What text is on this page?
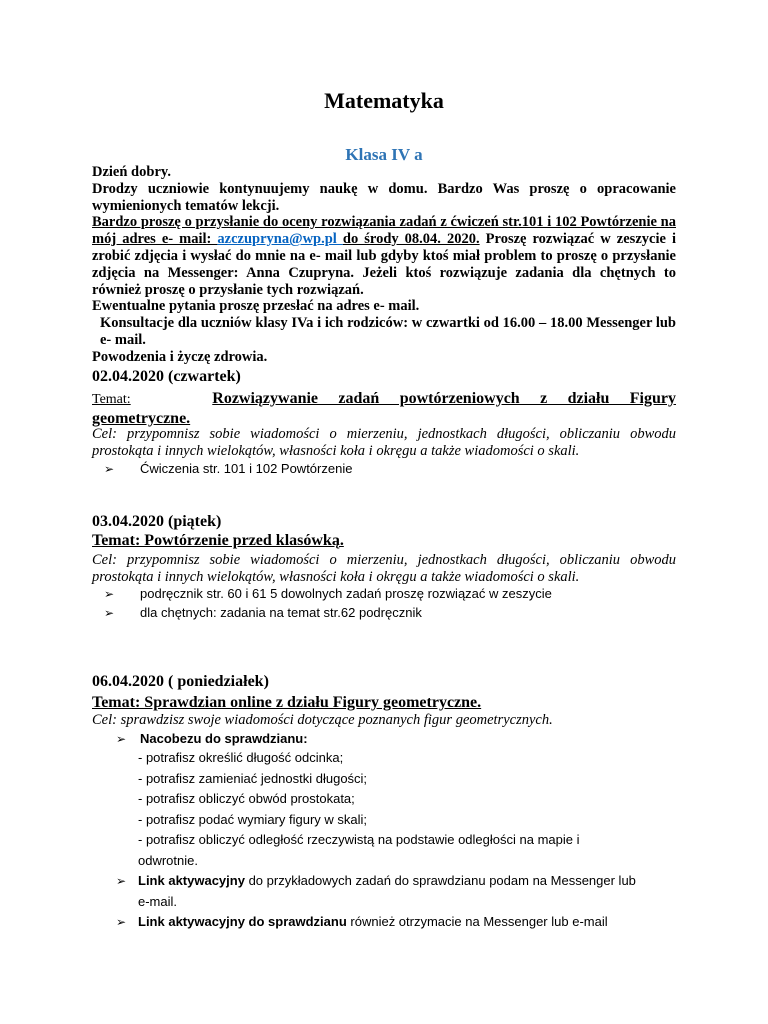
Matematyka
Klasa IV a

Dzień dobry.

Drodzy uczniowie kontynuujemy naukę w domu. Bardzo Was proszę o opracowanie wymienionych tematów lekcji.

Bardzo proszę o przysłanie do oceny rozwiązania zadań z ćwiczeń str.101 i 102 Powtórzenie na mój adres e- mail: azczupryna@wp.pl do środy 08.04. 2020. Proszę rozwiązać w zeszycie i zrobić zdjęcia i wysłać do mnie na e- mail lub gdyby ktoś miał problem to proszę o przysłanie zdjęcia na Messenger: Anna Czupryna. Jeżeli ktoś rozwiązuje zadania dla chętnych to również proszę o przysłanie tych rozwiązań.

Ewentualne pytania proszę przesłać na adres e- mail.

Konsultacje dla uczniów klasy IVa i ich rodziców: w czwartki od 16.00 – 18.00 Messenger lub e- mail.

Powodzenia i życzę zdrowia.

02.04.2020 (czwartek)
Temat:	Rozwiązywanie zadań powtórzeniowych z działu Figury
geometryczne.
Cel: przypomnisz sobie wiadomości o mierzeniu, jednostkach długości, obliczaniu obwodu
prostokąta i innych wielokątów, własności koła i okręgu a także wiadomości o skali.
➢ Ćwiczenia str. 101 i 102 Powtórzenie
03.04.2020 (piątek)
Temat: Powtórzenie przed klasówką.
Cel: przypomnisz sobie wiadomości o mierzeniu, jednostkach długości, obliczaniu obwodu
prostokąta i innych wielokątów, własności koła i okręgu a także wiadomości o skali.
➢ podręcznik str. 60 i 61 5 dowolnych zadań proszę rozwiązać w zeszycie
➢ dla chętnych: zadania na temat str.62 podręcznik
06.04.2020 ( poniedziałek)
Temat: Sprawdzian online z działu Figury geometryczne.
Cel: sprawdzisz swoje wiadomości dotyczące poznanych figur geometrycznych.
➢ Nacobezu do sprawdzianu:
- potrafisz określić długość odcinka;
- potrafisz zamieniać jednostki długości;
- potrafisz obliczyć obwód prostokata;
- potrafisz podać wymiary figury w skali;
- potrafisz obliczyć odległość rzeczywistą na podstawie odległości na mapie i
odwrotnie.
➢ Link aktywacyjny do przykładowych zadań do sprawdzianu podam na Messenger lub
e-mail.
➢ Link aktywacyjny do sprawdzianu również otrzymacie na Messenger lub e-mail
